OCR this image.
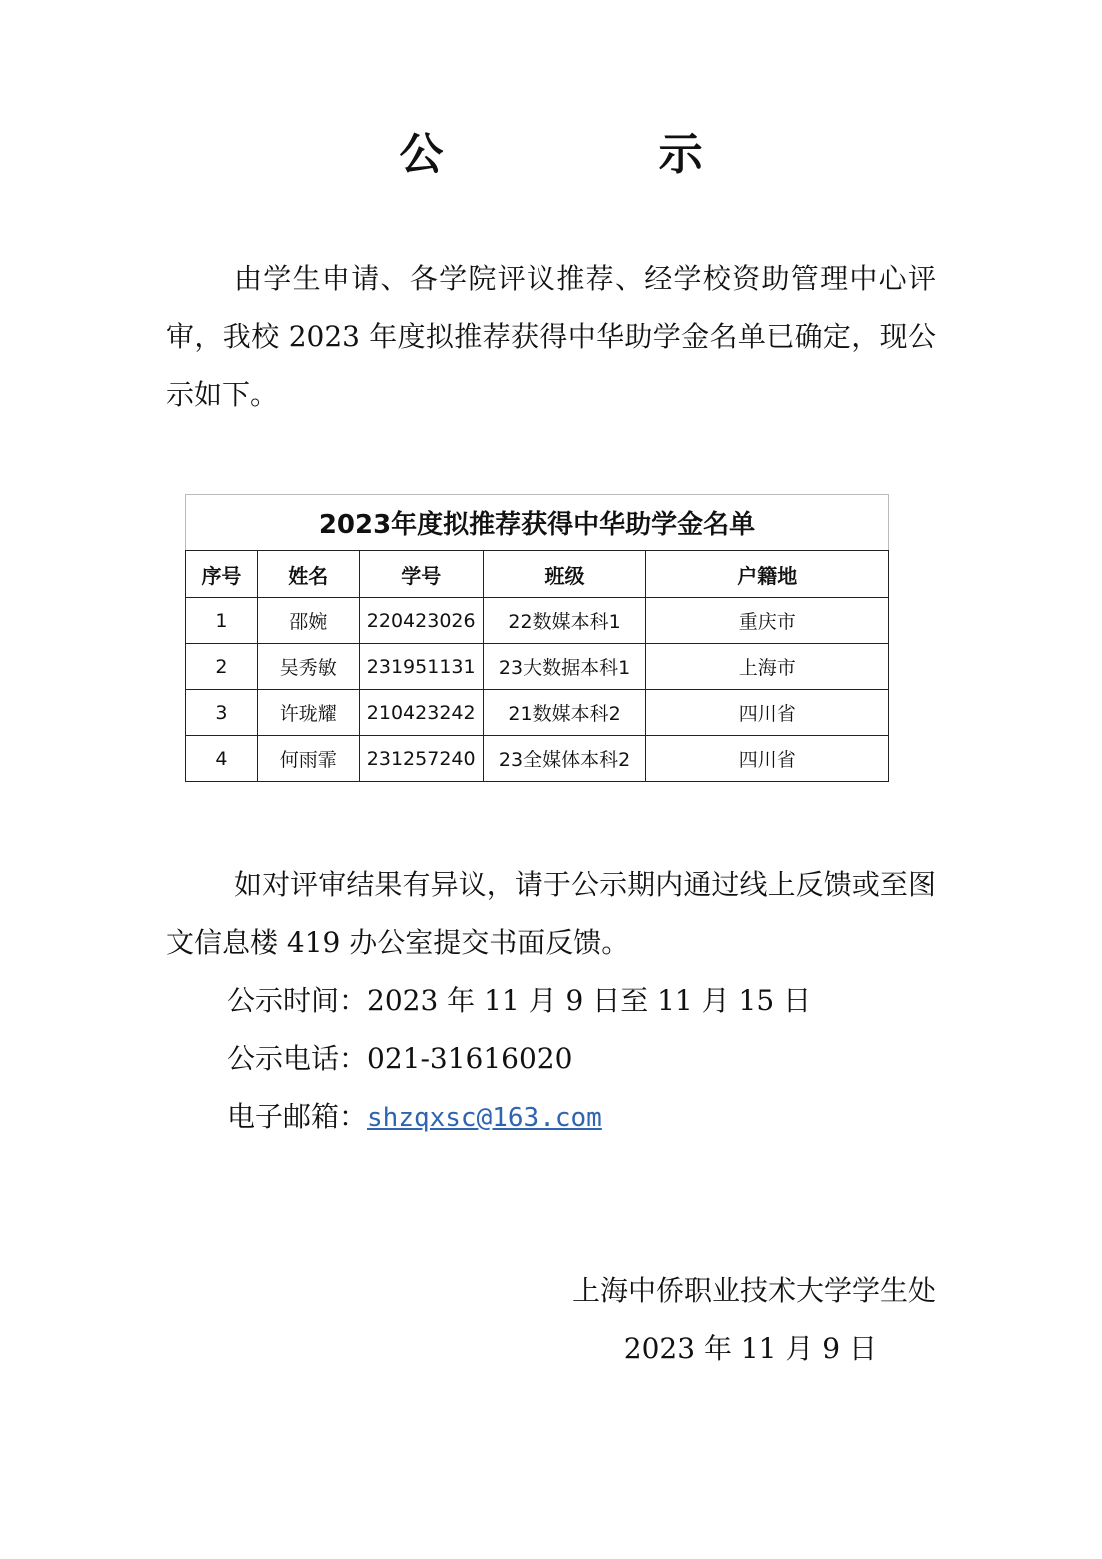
公 示
由学生申请、各学院评议推荐、经学校资助管理中心评审，我校 2023 年度拟推荐获得中华助学金名单已确定，现公示如下。
2023年度拟推荐获得中华助学金名单				
序号	姓名	学号	班级	户籍地
1	邵婉	220423026	22数媒本科1	重庆市
2	吴秀敏	231951131	23大数据本科1	上海市
3	许珑耀	210423242	21数媒本科2	四川省
4	何雨霏	231257240	23全媒体本科2	四川省
如对评审结果有异议，请于公示期内通过线上反馈或至图文信息楼 419 办公室提交书面反馈。
公示时间：2023 年 11 月 9 日至 11 月 15 日
公示电话：021-31616020
电子邮箱：shzqxsc@163.com
上海中侨职业技术大学学生处
2023 年 11 月 9 日
